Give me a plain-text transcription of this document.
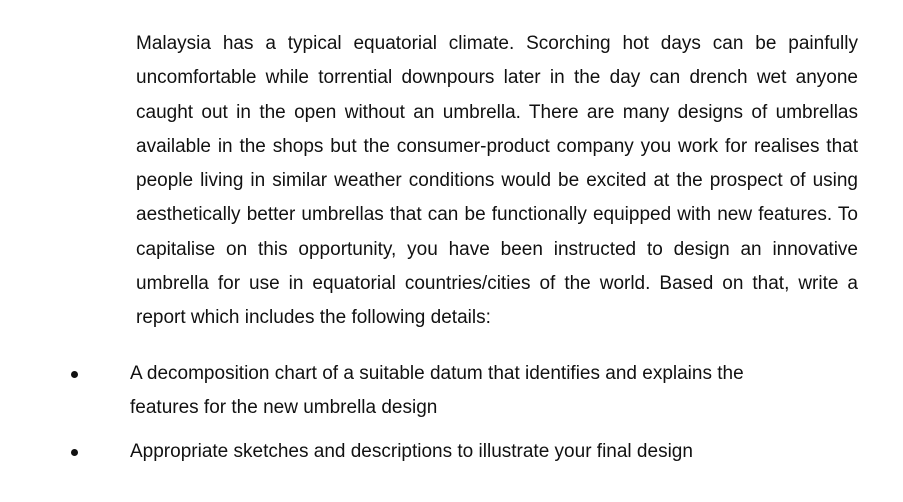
Malaysia has a typical equatorial climate. Scorching hot days can be painfully uncomfortable while torrential downpours later in the day can drench wet anyone caught out in the open without an umbrella. There are many designs of umbrellas available in the shops but the consumer-product company you work for realises that people living in similar weather conditions would be excited at the prospect of using aesthetically better umbrellas that can be functionally equipped with new features. To capitalise on this opportunity, you have been instructed to design an innovative umbrella for use in equatorial countries/cities of the world. Based on that, write a report which includes the following details:

A decomposition chart of a suitable datum that identifies and explains the features for the new umbrella design
Appropriate sketches and descriptions to illustrate your final design
